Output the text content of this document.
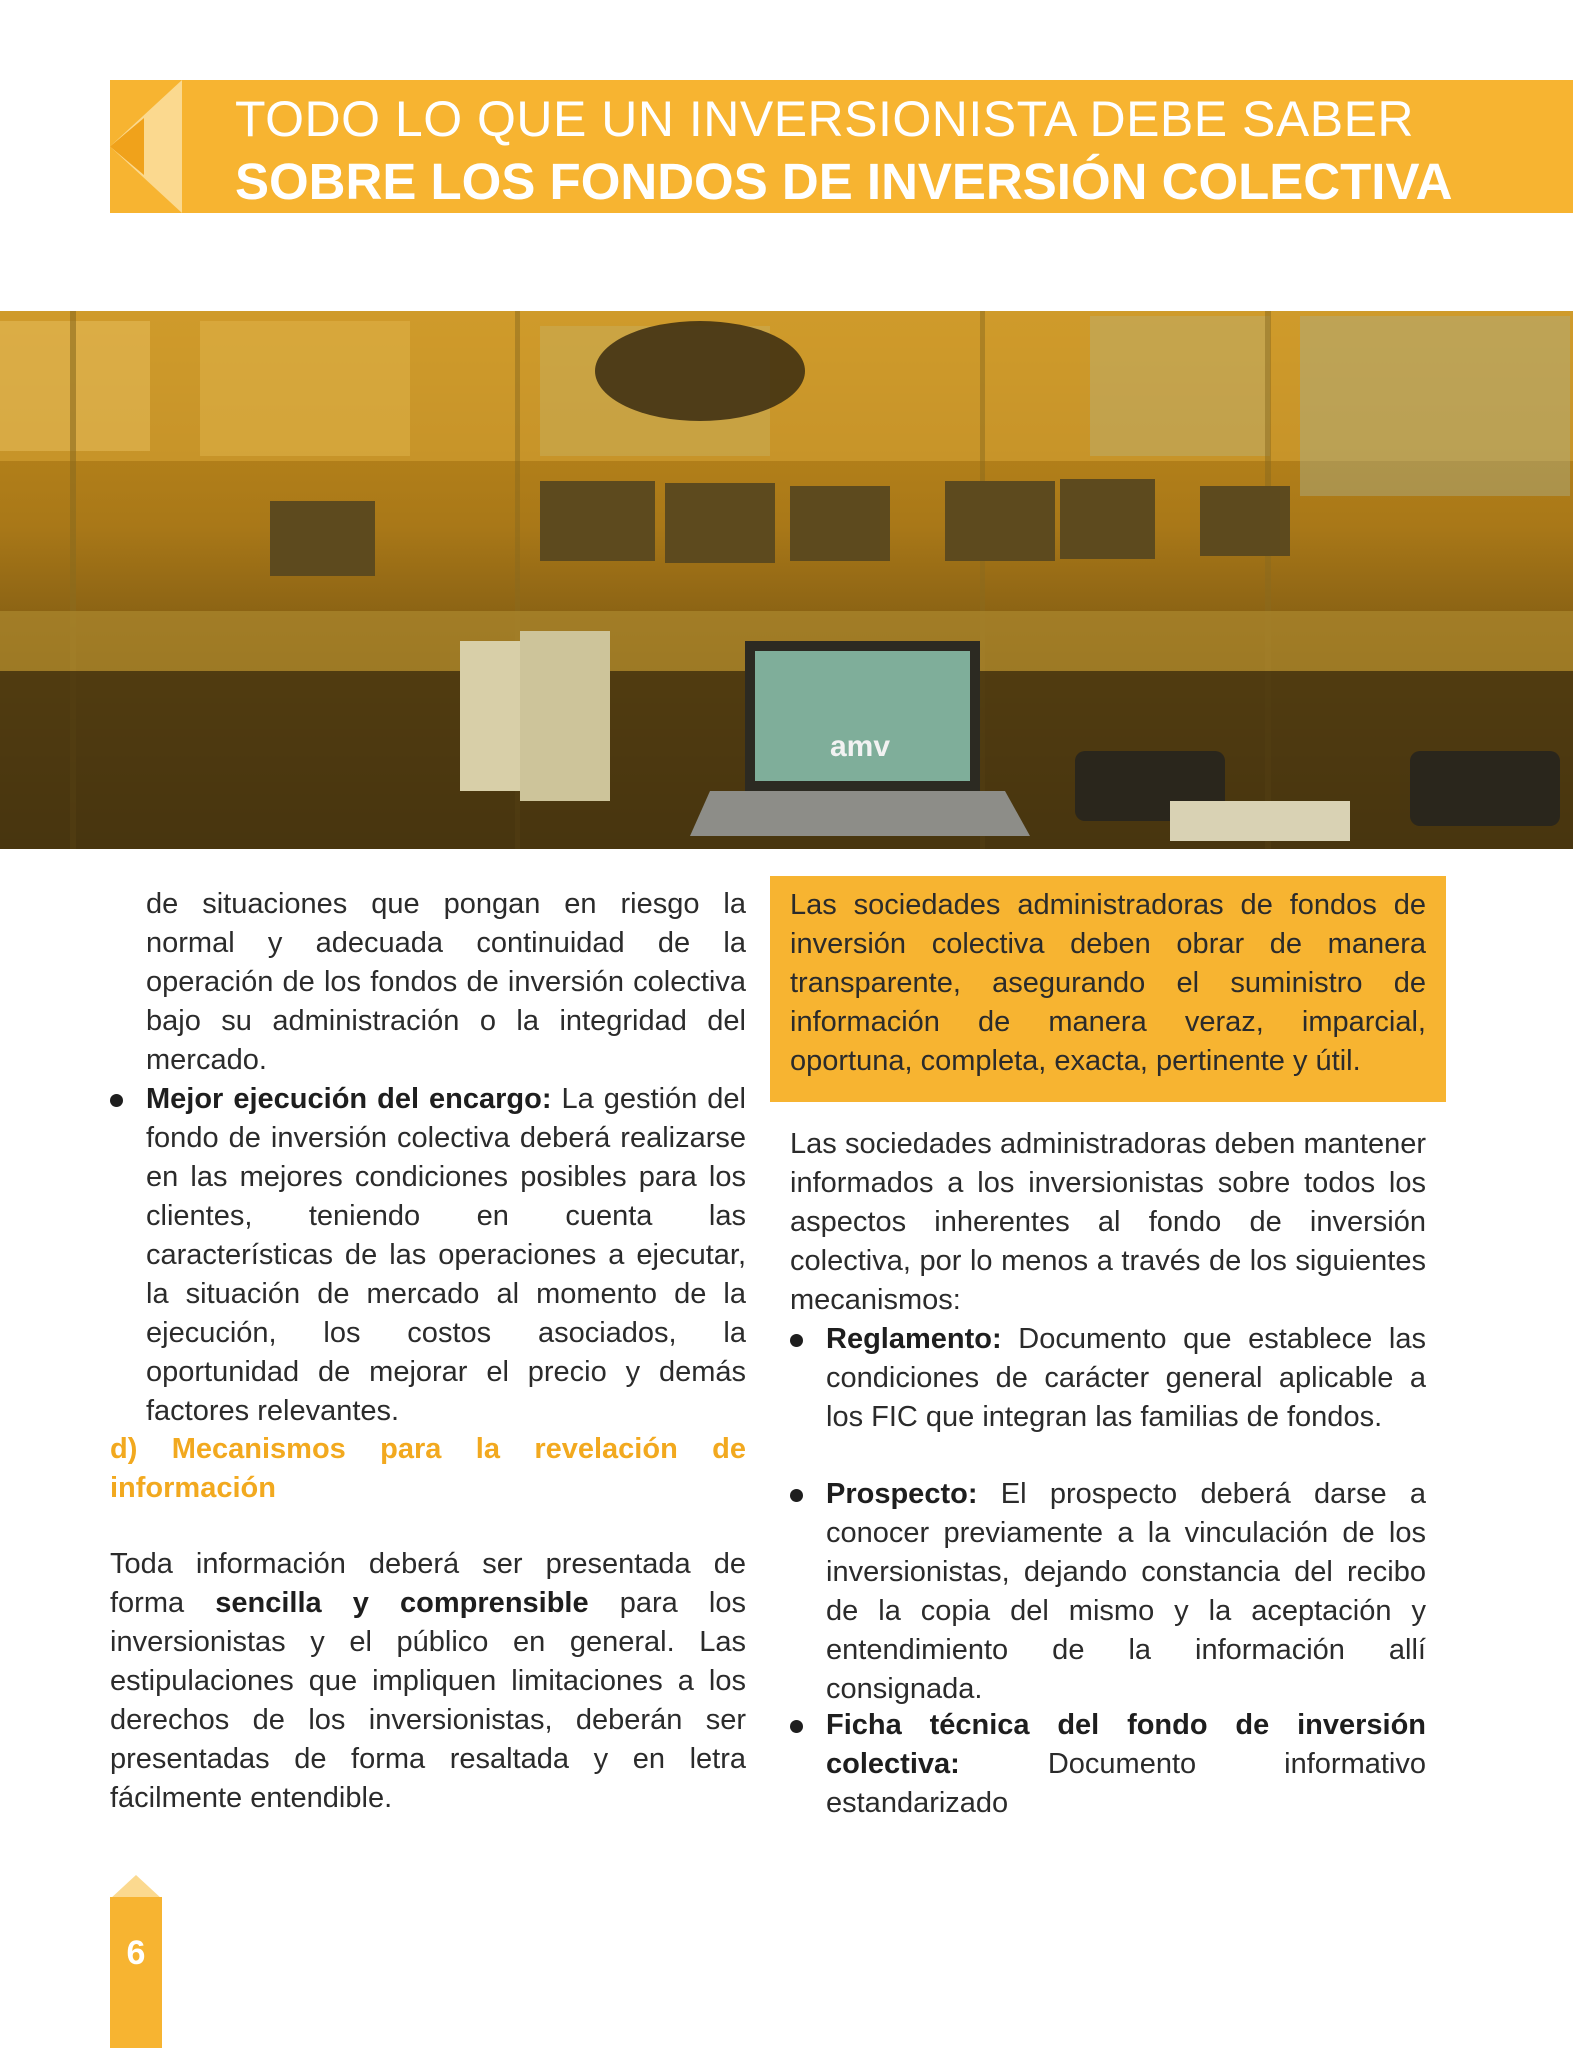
TODO LO QUE UN INVERSIONISTA DEBE SABER
SOBRE LOS FONDOS DE INVERSIÓN COLECTIVA
amv

de situaciones que pongan en riesgo la normal y adecuada continuidad de la operación de los fondos de inversión colectiva bajo su administración o la integridad del mercado.

Mejor ejecución del encargo: La gestión del fondo de inversión colectiva deberá realizarse en las mejores condiciones posibles para los clientes, teniendo en cuenta las características de las operaciones a ejecutar, la situación de mercado al momento de la ejecución, los costos asociados, la oportunidad de mejorar el precio y demás factores relevantes.

d) Mecanismos para la revelación de información

Toda información deberá ser presentada de forma sencilla y comprensible para los inversionistas y el público en general. Las estipulaciones que impliquen limitaciones a los derechos de los inversionistas, deberán ser presentadas de forma resaltada y en letra fácilmente entendible.

Las sociedades administradoras de fondos de inversión colectiva deben obrar de manera transparente, asegurando el suministro de información de manera veraz, imparcial, oportuna, completa, exacta, pertinente y útil.

Las sociedades administradoras deben mantener informados a los inversionistas sobre todos los aspectos inherentes al fondo de inversión colectiva, por lo menos a través de los siguientes mecanismos:

Reglamento: Documento que establece las condiciones de carácter general aplicable a los FIC que integran las familias de fondos.

Prospecto: El prospecto deberá darse a conocer previamente a la vinculación de los inversionistas, dejando constancia del recibo de la copia del mismo y la aceptación y entendimiento de la información allí consignada.

Ficha técnica del fondo de inversión colectiva: Documento informativo estandarizado

6
